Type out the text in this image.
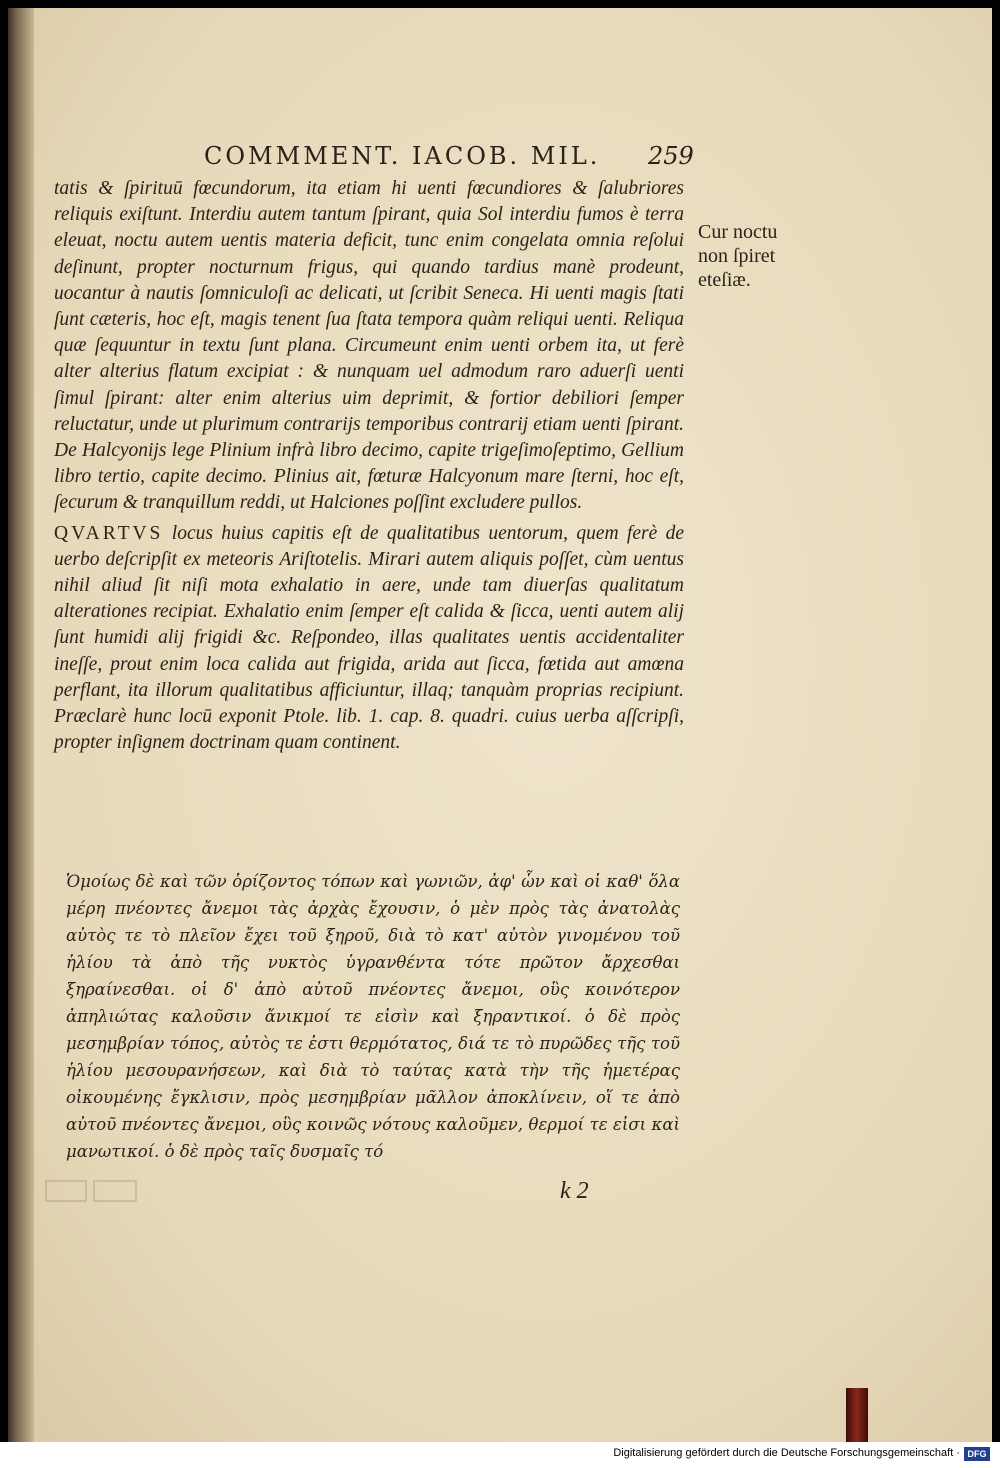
COMMMENT. IACOB. MIL.	259

tatis & ſpirituū fœcundorum, ita etiam hi uenti fœcundiores & ſalubriores reliquis exiſtunt. Interdiu autem tantum ſpirant, quia Sol interdiu fumos è terra eleuat, noctu autem uentis materia deficit, tunc enim congelata omnia reſolui deſinunt, propter nocturnum frigus, qui quando tardius manè prodeunt, uocantur à nautis ſomniculoſi ac delicati, ut ſcribit Seneca. Hi uenti magis ſtati ſunt cæteris, hoc eſt, magis tenent ſua ſtata tempora quàm reliqui uenti. Reliqua quæ ſequuntur in textu ſunt plana. Circumeunt enim uenti orbem ita, ut ferè alter alterius flatum excipiat : & nunquam uel admodum raro aduerſi uenti ſimul ſpirant: alter enim alterius uim deprimit, & fortior debiliori ſemper reluctatur, unde ut plurimum contrarijs temporibus contrarij etiam uenti ſpirant. De Halcyonijs lege Plinium infrà libro decimo, capite trigeſimoſeptimo, Gellium libro tertio, capite decimo. Plinius ait, fœturæ Halcyonum mare ſterni, hoc eſt, ſecurum & tranquillum reddi, ut Halciones poſſint excludere pullos.

QVARTVS locus huius capitis eſt de qualitatibus uentorum, quem ferè de uerbo deſcripſit ex meteoris Ariſtotelis. Mirari autem aliquis poſſet, cùm uentus nihil aliud ſit niſi mota exhalatio in aere, unde tam diuerſas qualitatum alterationes recipiat. Exhalatio enim ſemper eſt calida & ſicca, uenti autem alij ſunt humidi alij frigidi &c. Reſpondeo, illas qualitates uentis accidentaliter ineſſe, prout enim loca calida aut frigida, arida aut ſicca, fœtida aut amœna perflant, ita illorum qualitatibus afficiuntur, illaq; tanquàm proprias recipiunt. Præclarè hunc locū exponit Ptole. lib. 1. cap. 8. quadri. cuius uerba aſſcripſi, propter inſignem doctrinam quam continent.

Ὁμοίως δὲ καὶ τῶν ὁρίζοντος τόπων καὶ γωνιῶν, ἀφ' ὧν καὶ οἱ καθ' ὅλα μέρη πνέοντες ἄνεμοι τὰς ἀρχὰς ἔχουσιν, ὁ μὲν πρὸς τὰς ἀνατολὰς αὐτὸς τε τὸ πλεῖον ἔχει τοῦ ξηροῦ, διὰ τὸ κατ' αὐτὸν γινομένου τοῦ ἡλίου τὰ ἀπὸ τῆς νυκτὸς ὑγρανθέντα τότε πρῶτον ἄρχεσθαι ξηραίνεσθαι. οἱ δ' ἀπὸ αὐτοῦ πνέοντες ἄνεμοι, οὓς κοινότερον ἀπηλιώτας καλοῦσιν ἄνικμοί τε εἰσὶν καὶ ξηραντικοί. ὁ δὲ πρὸς μεσημβρίαν τόπος, αὐτὸς τε ἐστι θερμότατος, διά τε τὸ πυρῶδες τῆς τοῦ ἡλίου μεσουρανήσεων, καὶ διὰ τὸ ταύτας κατὰ τὴν τῆς ἡμετέρας οἰκουμένης ἔγκλισιν, πρὸς μεσημβρίαν μᾶλλον ἀποκλίνειν, οἵ τε ἀπὸ αὐτοῦ πνέοντες ἄνεμοι, οὓς κοινῶς νότους καλοῦμεν, θερμοί τε εἰσι καὶ μανωτικοί. ὁ δὲ πρὸς ταῖς δυσμαῖς τό
Cur noctu
non ſpiret
eteſiæ.
k 2
Digitalisierung gefördert durch die Deutsche Forschungsgemeinschaft · DFG
